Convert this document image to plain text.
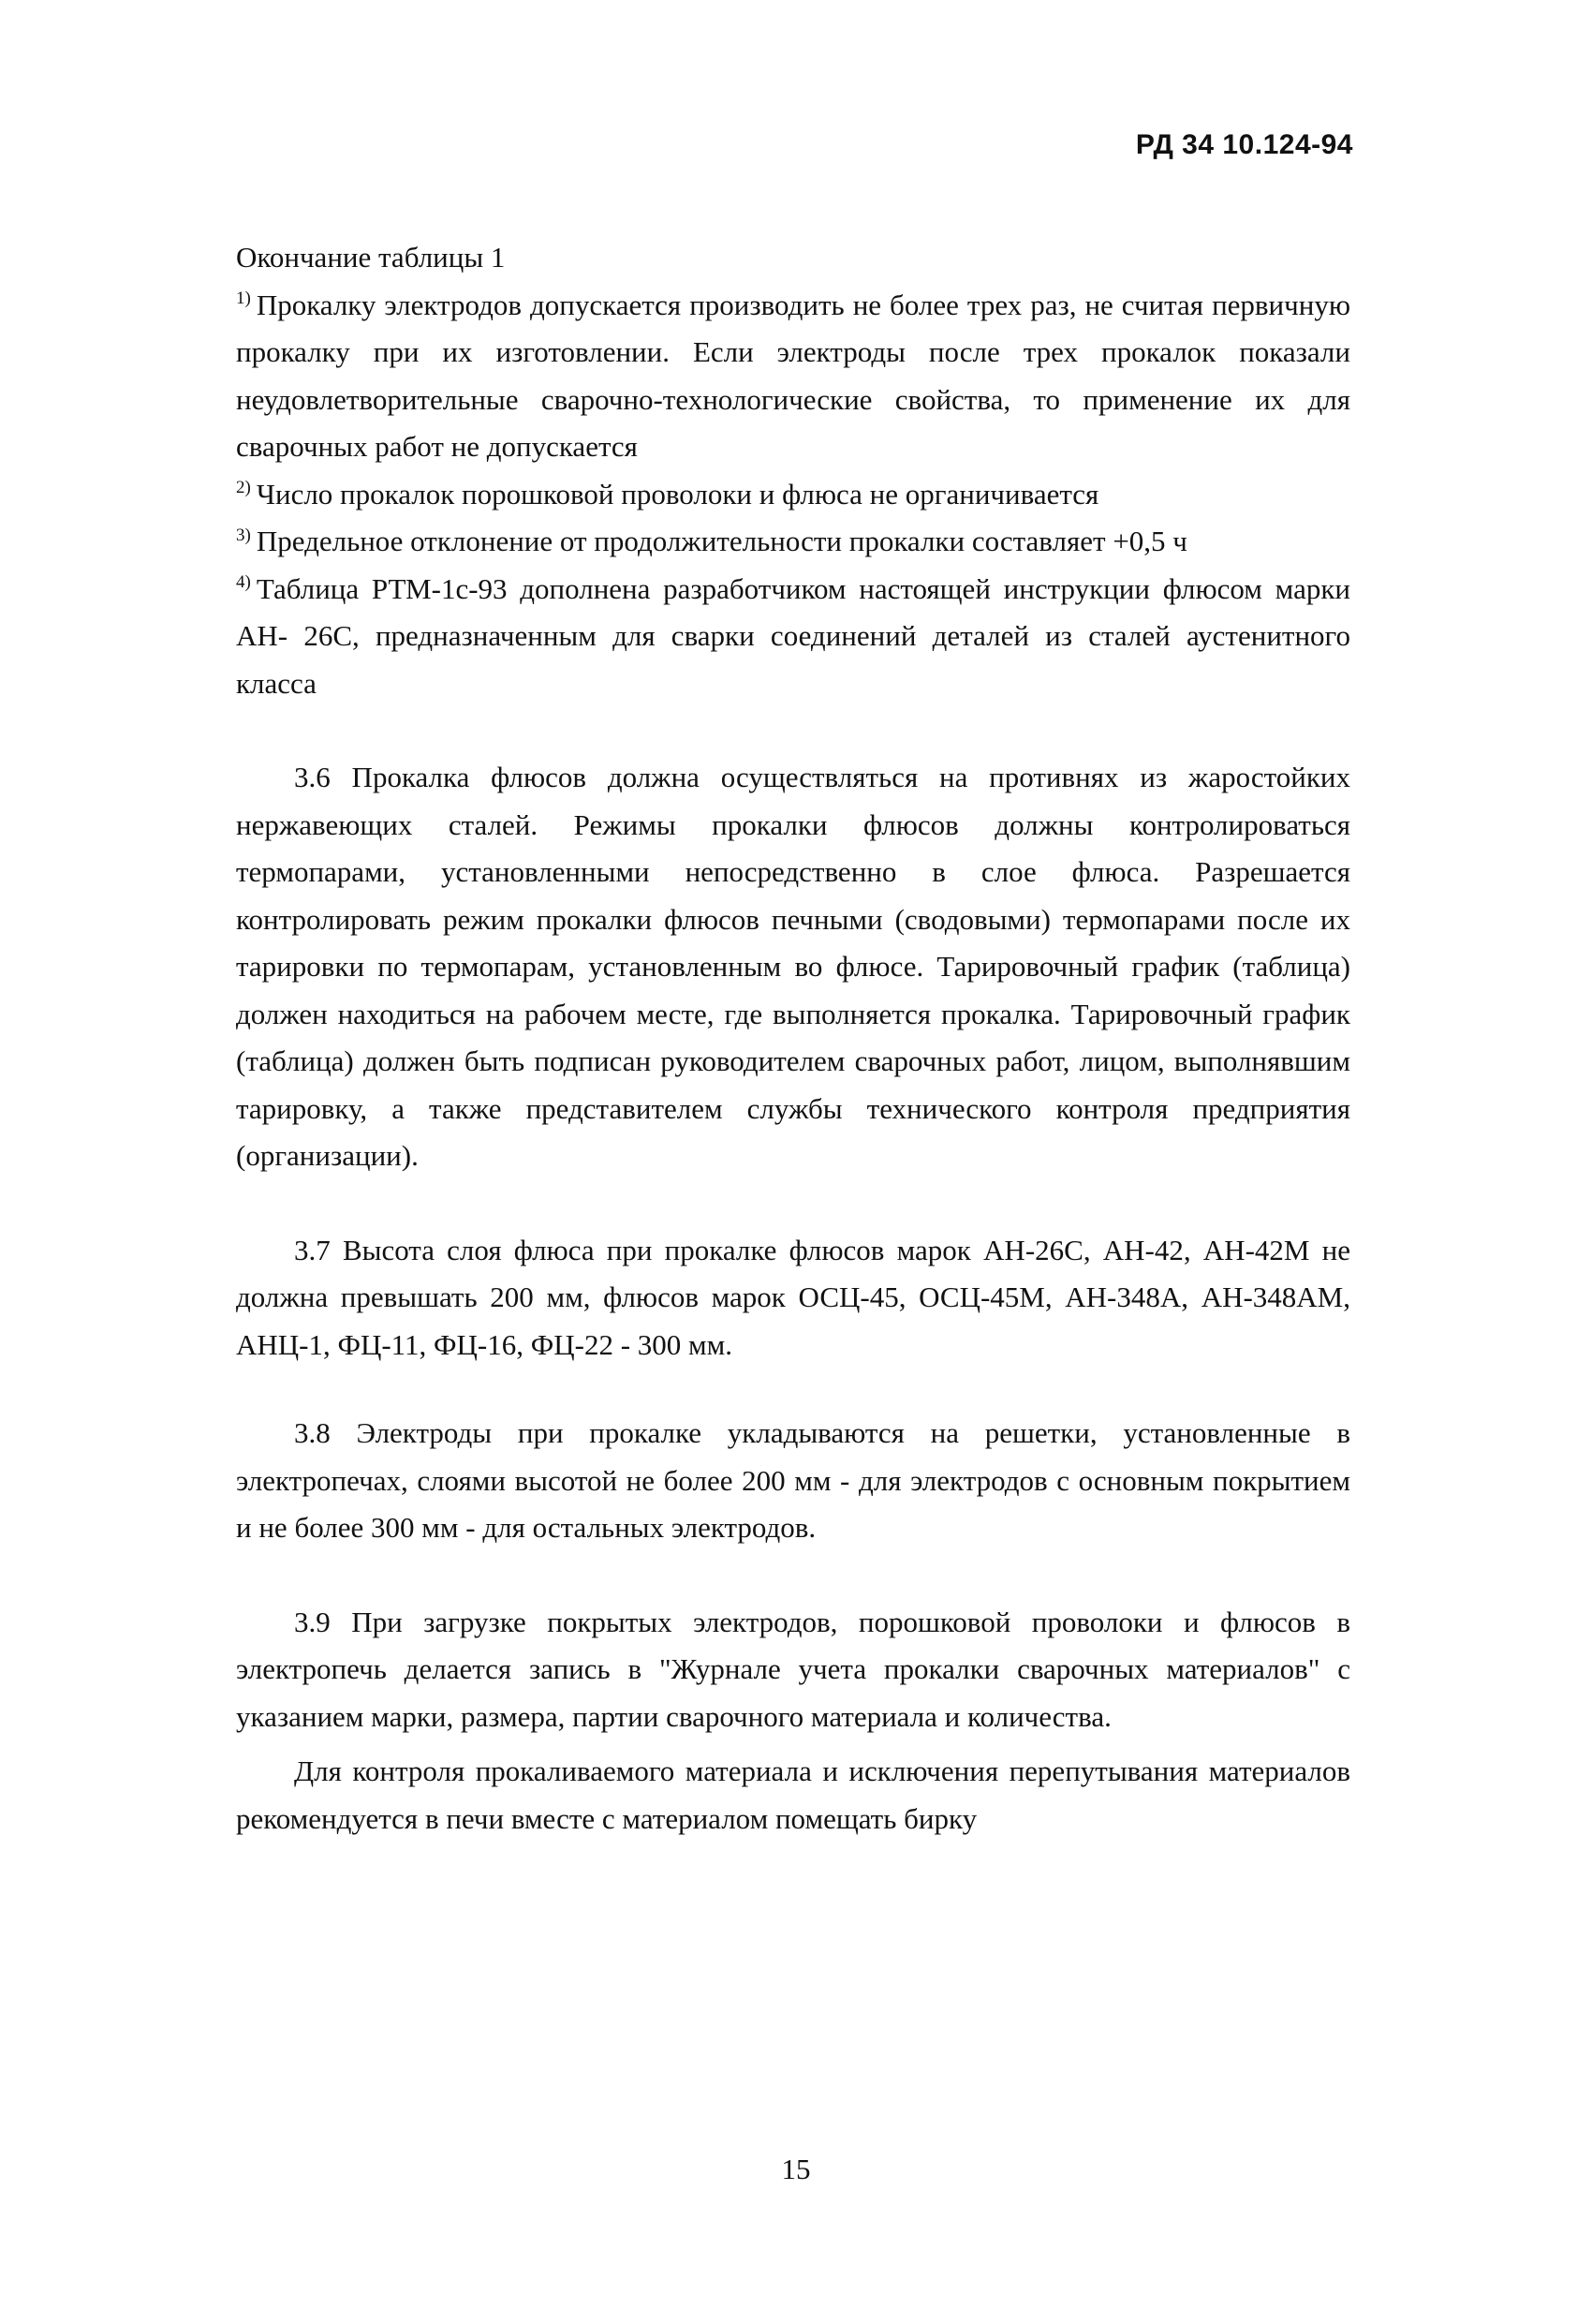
РД 34 10.124-94

Окончание таблицы 1

$^{1)}$ Прокалку электродов допускается производить не более трех раз, не считая первичную прокалку при их изготовлении. Если электроды после трех прокалок показали неудовлетворительные сварочно-технологические свойства, то применение их для сварочных работ не допускается

$^{2)}$ Число прокалок порошковой проволоки и флюса не органичивается

$^{3)}$ Предельное отклонение от продолжительности прокалки составляет +0,5 ч

$^{4)}$ Таблица РТМ-1с-93 дополнена разработчиком настоящей инструкции флюсом марки АН- 26С, предназначенным для сварки соединений деталей из сталей аустенитного класса

3.6 Прокалка флюсов должна осуществляться на противнях из жаростойких нержавеющих сталей. Режимы прокалки флюсов должны контролироваться термопарами, установленными непосредственно в слое флюса. Разрешается контролировать режим прокалки флюсов печными (сводовыми) термопарами после их тарировки по термопарам, установленным во флюсе. Тарировочный график (таблица) должен находиться на рабочем месте, где выполняется прокалка. Тарировочный график (таблица) должен быть подписан руководителем сварочных работ, лицом, выполнявшим тарировку, а также представителем службы технического контроля предприятия (организации).

3.7 Высота слоя флюса при прокалке флюсов марок АН-26С, АН-42, АН-42М не должна превышать 200 мм, флюсов марок ОСЦ-45, ОСЦ-45М, АН-348А, АН-348АМ, АНЦ-1, ФЦ-11, ФЦ-16, ФЦ-22 - 300 мм.

3.8 Электроды при прокалке укладываются на решетки, установленные в электропечах, слоями высотой не более 200 мм - для электродов с основным покрытием и не более 300 мм - для остальных электродов.

3.9 При загрузке покрытых электродов, порошковой проволоки и флюсов в электропечь делается запись в "Журнале учета прокалки сварочных материалов" с указанием марки, размера, партии сварочного материала и количества.

Для контроля прокаливаемого материала и исключения перепутывания материалов рекомендуется в печи вместе с материалом помещать бирку

15
